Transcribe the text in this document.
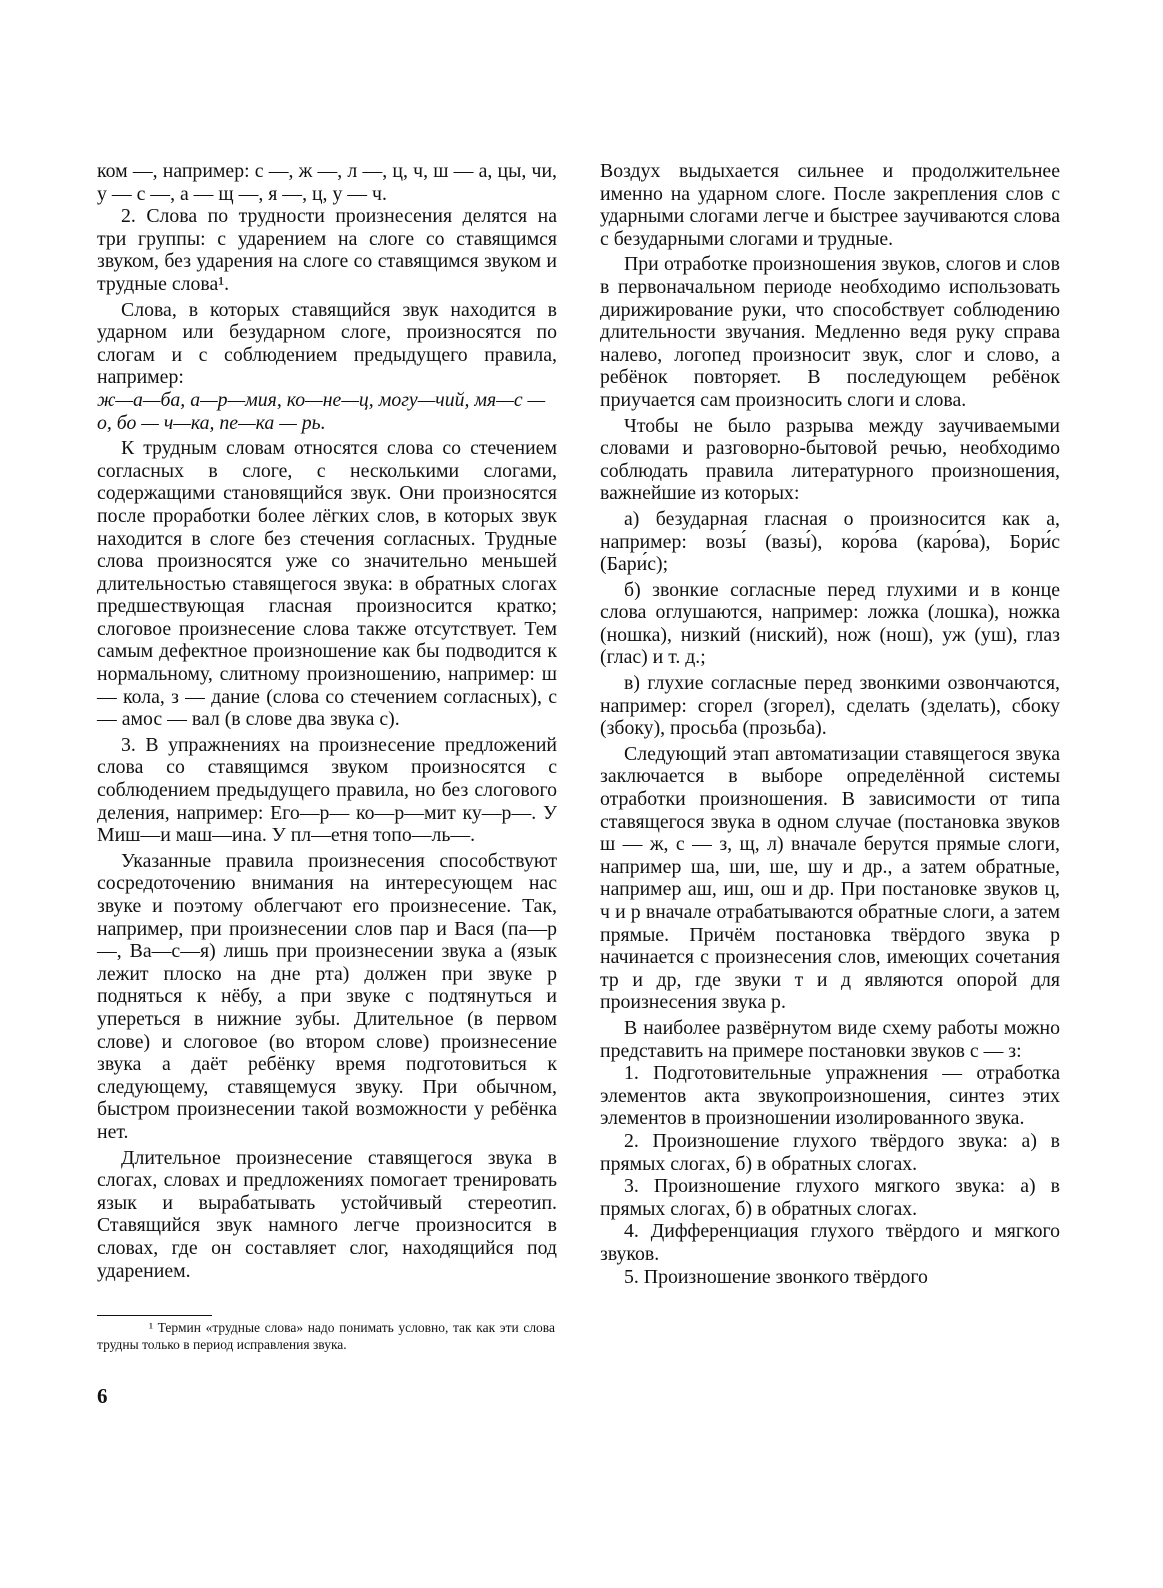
ком —, например: с —, ж —, л —, ц, ч, ш — а, цы, чи, у — с —, а — щ —, я —, ц, у — ч.

2. Слова по трудности произнесения делятся на три группы: с ударением на слоге со ставящимся звуком, без ударения на слоге со ставящимся звуком и трудные слова¹.

Слова, в которых ставящийся звук находится в ударном или безударном слоге, произносятся по слогам и с соблюдением предыдущего правила, например:

ж—а—ба, а—р—мия, ко—не—ц, могу—чий, мя—с — о, бо — ч—ка, пе—ка — рь.

К трудным словам относятся слова со стечением согласных в слоге, с несколькими слогами, содержащими становящийся звук. Они произносятся после проработки более лёгких слов, в которых звук находится в слоге без стечения согласных. Трудные слова произносятся уже со значительно меньшей длительностью ставящегося звука: в обратных слогах предшествующая гласная произносится кратко; слоговое произнесение слова также отсутствует. Тем самым дефектное произношение как бы подводится к нормальному, слитному произношению, например: ш — кола, з — дание (слова со стечением согласных), с — амос — вал (в слове два звука с).

3. В упражнениях на произнесение предложений слова со ставящимся звуком произносятся с соблюдением предыдущего правила, но без слогового деления, например: Его—р— ко—р—мит ку—р—. У Миш—и маш—ина. У пл—етня топо—ль—.

Указанные правила произнесения способствуют сосредоточению внимания на интересующем нас звуке и поэтому облегчают его произнесение. Так, например, при произнесении слов пар и Вася (па—р—, Ва—с—я) лишь при произнесении звука а (язык лежит плоско на дне рта) должен при звуке р подняться к нёбу, а при звуке с подтянуться и упереться в нижние зубы. Длительное (в первом слове) и слоговое (во втором слове) произнесение звука а даёт ребёнку время подготовиться к следующему, ставящемуся звуку. При обычном, быстром произнесении такой возможности у ребёнка нет.

Длительное произнесение ставящегося звука в слогах, словах и предложениях помогает тренировать язык и вырабатывать устойчивый стереотип. Ставящийся звук намного легче произносится в словах, где он составляет слог, находящийся под ударением.

¹ Термин «трудные слова» надо понимать условно, так как эти слова трудны только в период исправления звука.

Воздух выдыхается сильнее и продолжительнее именно на ударном слоге. После закрепления слов с ударными слогами легче и быстрее заучиваются слова с безударными слогами и трудные.

При отработке произношения звуков, слогов и слов в первоначальном периоде необходимо использовать дирижирование руки, что способствует соблюдению длительности звучания. Медленно ведя руку справа налево, логопед произносит звук, слог и слово, а ребёнок повторяет. В последующем ребёнок приучается сам произносить слоги и слова.

Чтобы не было разрыва между заучиваемыми словами и разговорно-бытовой речью, необходимо соблюдать правила литературного произношения, важнейшие из которых:

а) безударная гласная о произносится как а, например: возы́ (вазы́), коро́ва (каро́ва), Бори́с (Бари́с);

б) звонкие согласные перед глухими и в конце слова оглушаются, например: ложка (лошка), ножка (ношка), низкий (ниский), нож (нош), уж (уш), глаз (глас) и т. д.;

в) глухие согласные перед звонкими озвончаются, например: сгорел (згорел), сделать (зделать), сбоку (збоку), просьба (прозьба).

Следующий этап автоматизации ставящегося звука заключается в выборе определённой системы отработки произношения. В зависимости от типа ставящегося звука в одном случае (постановка звуков ш — ж, с — з, щ, л) вначале берутся прямые слоги, например ша, ши, ше, шу и др., а затем обратные, например аш, иш, ош и др. При постановке звуков ц, ч и р вначале отрабатываются обратные слоги, а затем прямые. Причём постановка твёрдого звука р начинается с произнесения слов, имеющих сочетания тр и др, где звуки т и д являются опорой для произнесения звука р.

В наиболее развёрнутом виде схему работы можно представить на примере постановки звуков с — з:

1. Подготовительные упражнения — отработка элементов акта звукопроизношения, синтез этих элементов в произношении изолированного звука.

2. Произношение глухого твёрдого звука: а) в прямых слогах, б) в обратных слогах.

3. Произношение глухого мягкого звука: а) в прямых слогах, б) в обратных слогах.

4. Дифференциация глухого твёрдого и мягкого звуков.

5. Произношение звонкого твёрдого

6
